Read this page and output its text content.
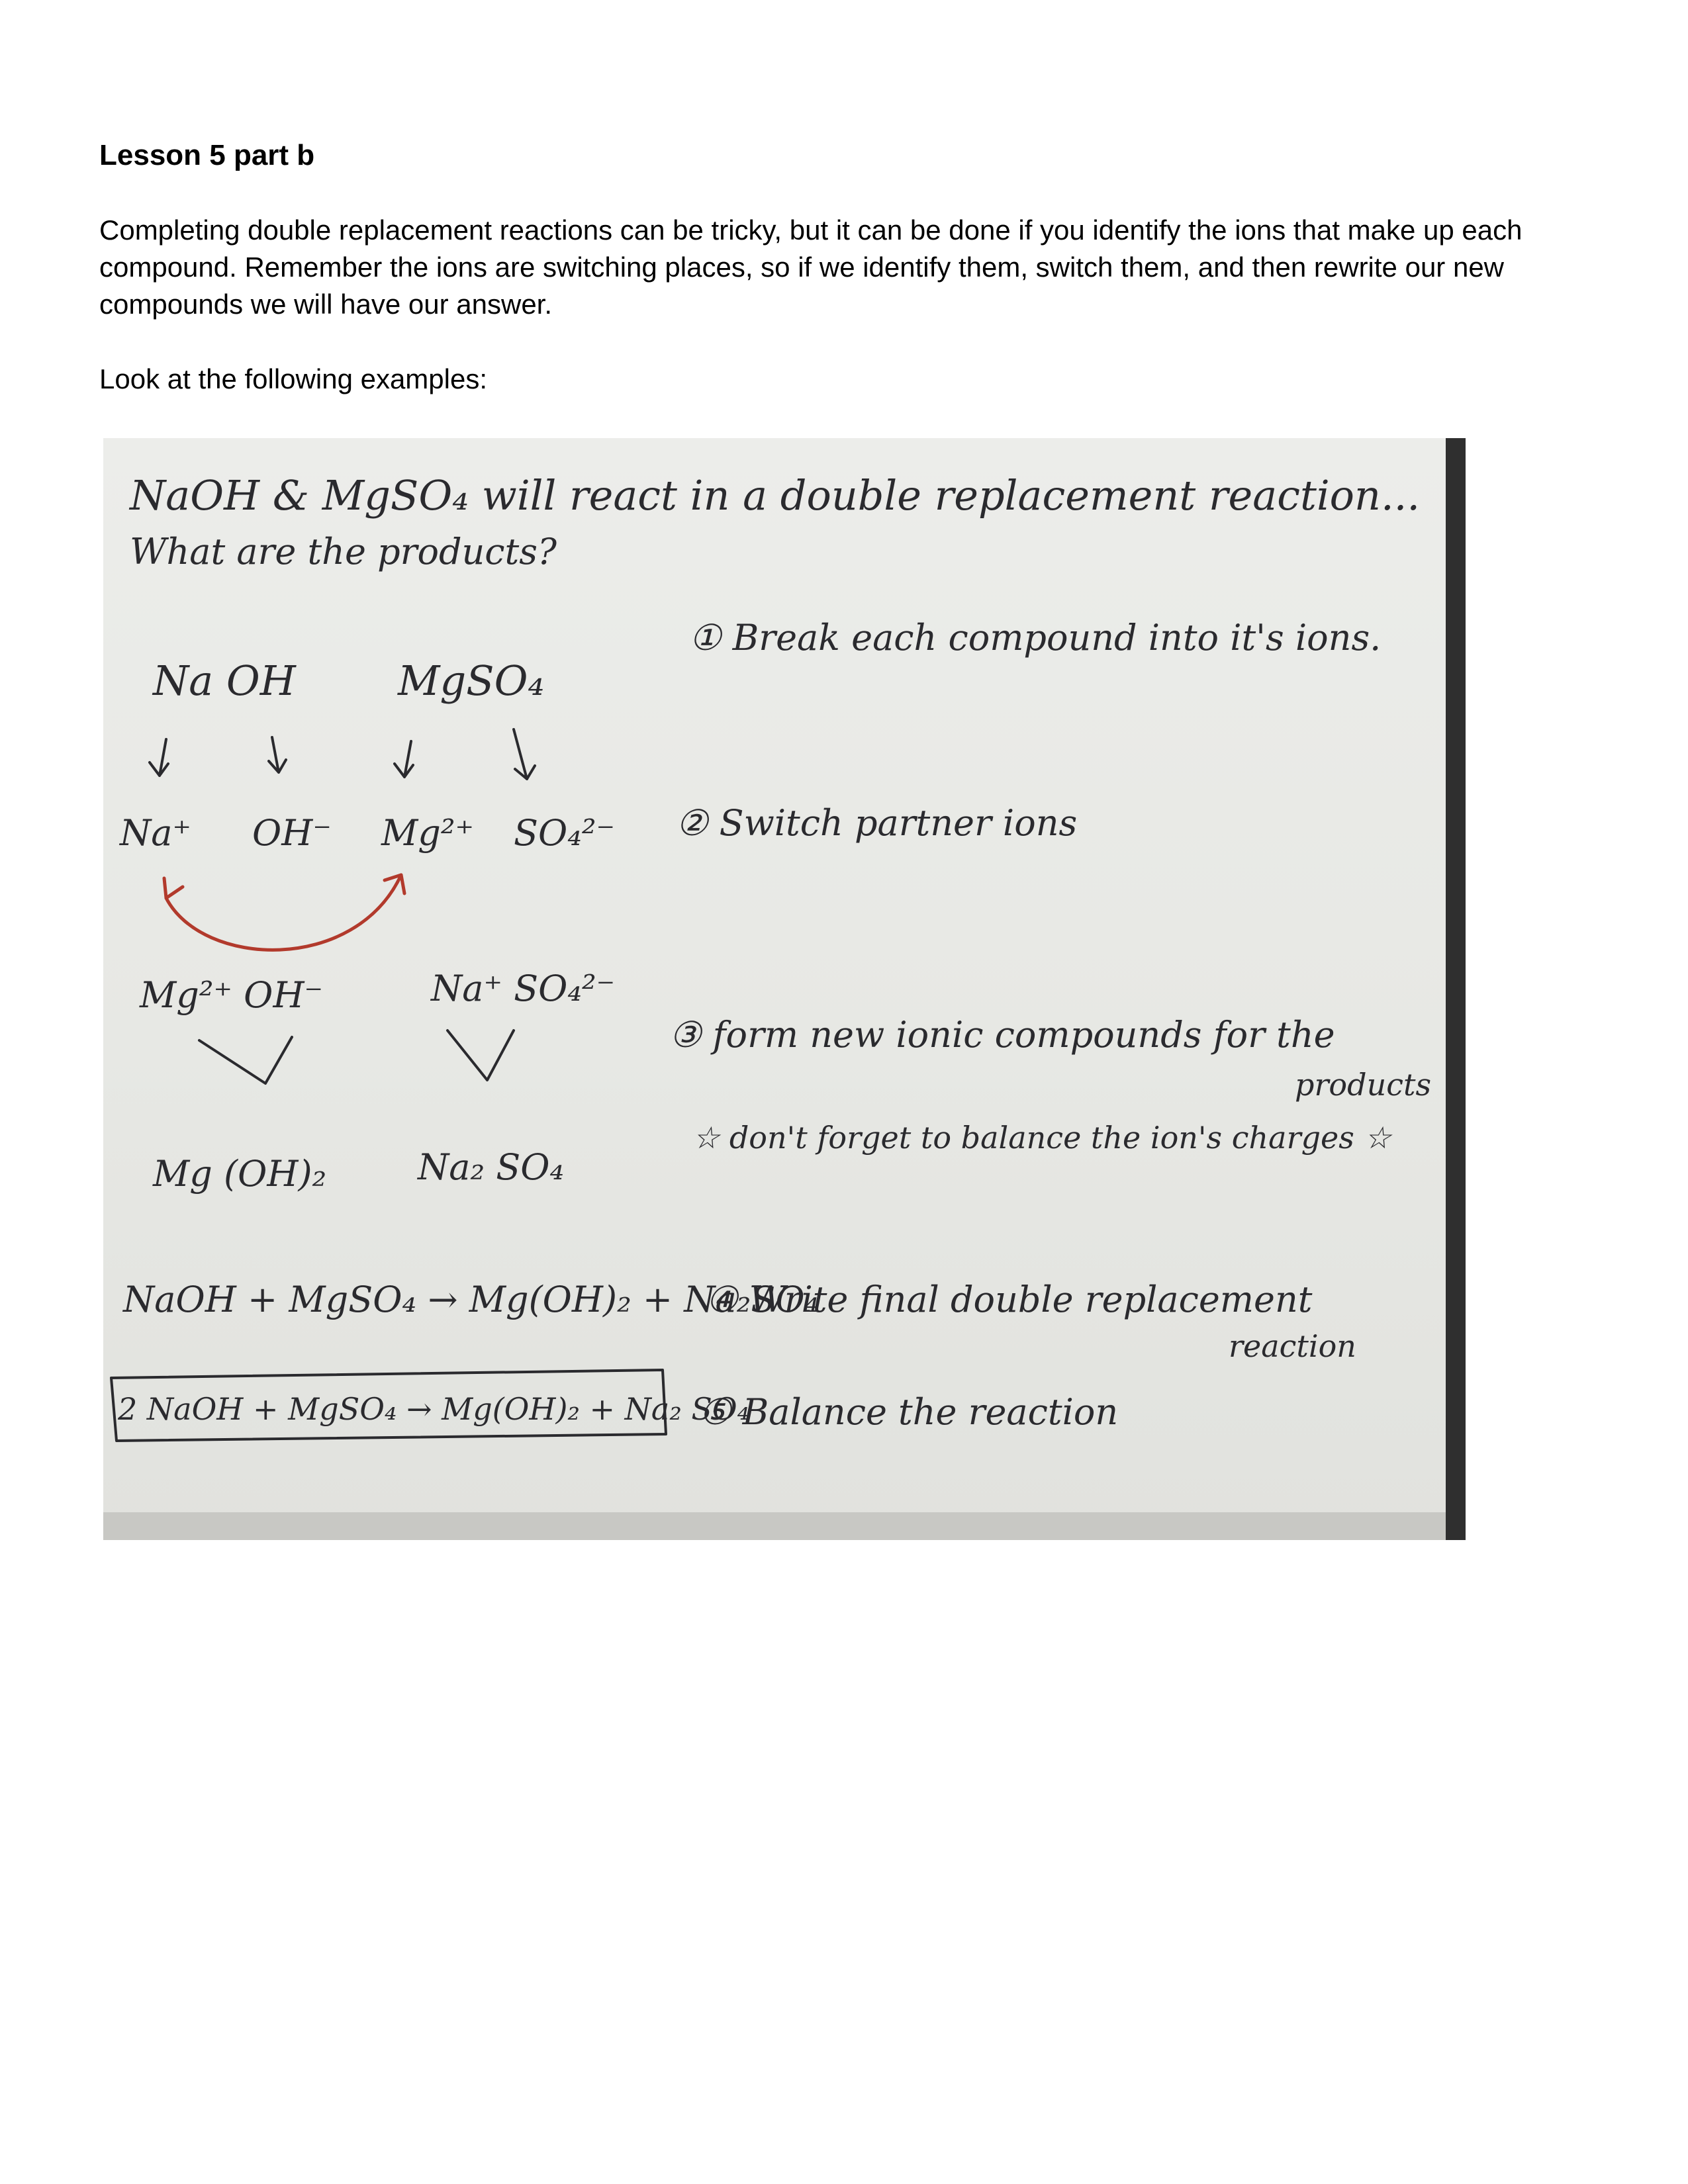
Lesson 5 part b

Completing double replacement reactions can be tricky, but it can be done if you identify the ions that make up each compound. Remember the ions are switching places, so if we identify them, switch them, and then rewrite our new compounds we will have our answer.

Look at the following examples:

NaOH & MgSO₄ will react in a double replacement reaction...

What are the products?

Na OH MgSO₄

Na⁺ OH⁻ Mg²⁺ SO₄²⁻

Mg²⁺ OH⁻	Na⁺ SO₄²⁻

Mg (OH)₂	Na₂ SO₄

NaOH + MgSO₄ → Mg(OH)₂ + Na₂SO₄

2 NaOH + MgSO₄ → Mg(OH)₂ + Na₂ SO₄

① Break each compound into it's ions.

② Switch partner ions

③ form new ionic compounds for the

products

☆ don't forget to balance the ion's charges ☆

④ Write final double replacement

reaction

⑤ Balance the reaction
